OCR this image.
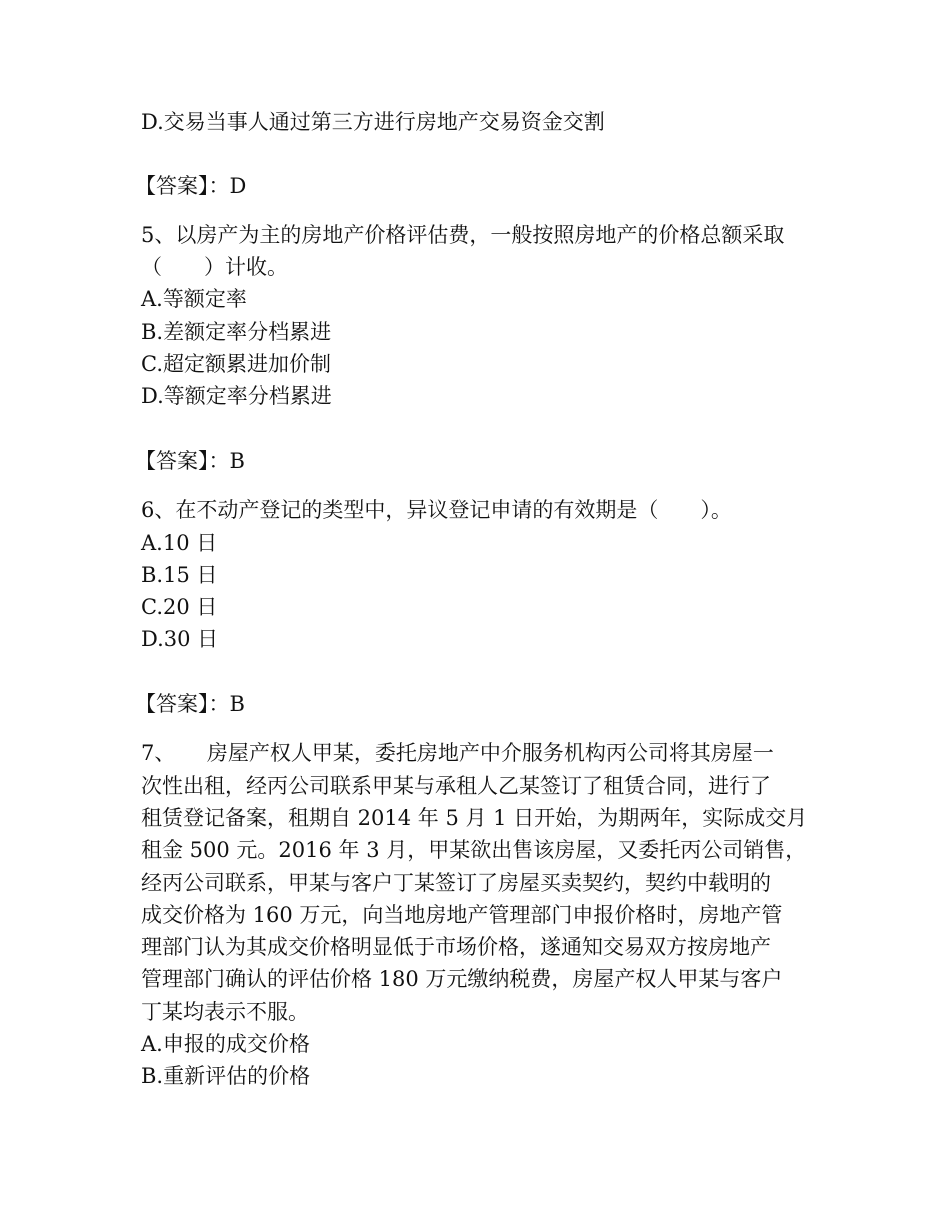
D.交易当事人通过第三方进行房地产交易资金交割
【答案】：D
5、以房产为主的房地产价格评估费，一般按照房地产的价格总额采取
（　　）计收。
A.等额定率
B.差额定率分档累进
C.超定额累进加价制
D.等额定率分档累进
【答案】：B
6、在不动产登记的类型中，异议登记申请的有效期是（　　）。
A.10 日
B.15 日
C.20 日
D.30 日
【答案】：B
7、　　房屋产权人甲某，委托房地产中介服务机构丙公司将其房屋一
次性出租，经丙公司联系甲某与承租人乙某签订了租赁合同，进行了
租赁登记备案，租期自 2014 年 5 月 1 日开始，为期两年，实际成交月
租金 500 元。2016 年 3 月，甲某欲出售该房屋，又委托丙公司销售，
经丙公司联系，甲某与客户丁某签订了房屋买卖契约，契约中载明的
成交价格为 160 万元，向当地房地产管理部门申报价格时，房地产管
理部门认为其成交价格明显低于市场价格，遂通知交易双方按房地产
管理部门确认的评估价格 180 万元缴纳税费，房屋产权人甲某与客户
丁某均表示不服。
A.申报的成交价格
B.重新评估的价格
